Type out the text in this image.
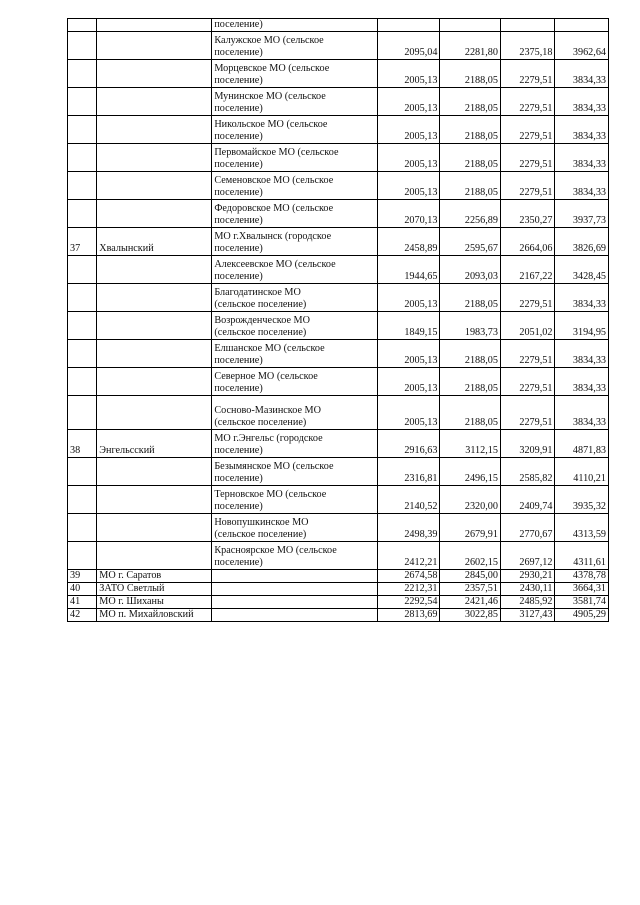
		поселение)				

		Калужское МО (сельское
поселение)	2095,04	2281,80	2375,18	3962,64

		Морцевское МО (сельское
поселение)	2005,13	2188,05	2279,51	3834,33

		Мунинское МО (сельское
поселение)	2005,13	2188,05	2279,51	3834,33

		Никольское МО (сельское
поселение)	2005,13	2188,05	2279,51	3834,33

		Первомайское МО (сельское
поселение)	2005,13	2188,05	2279,51	3834,33

		Семеновское МО (сельское
поселение)	2005,13	2188,05	2279,51	3834,33

		Федоровское МО (сельское
поселение)	2070,13	2256,89	2350,27	3937,73
37	Хвалынский	МО г.Хвалынск (городское
поселение)	2458,89	2595,67	2664,06	3826,69

		Алексеевское МО (сельское
поселение)	1944,65	2093,03	2167,22	3428,45

		Благодатинское МО
(сельское поселение)	2005,13	2188,05	2279,51	3834,33

		Возрожденческое МО
(сельское поселение)	1849,15	1983,73	2051,02	3194,95

		Елшанское МО (сельское
поселение)	2005,13	2188,05	2279,51	3834,33

		Северное МО (сельское
поселение)	2005,13	2188,05	2279,51	3834,33

		Сосново-Мазинское МО
(сельское поселение)	2005,13	2188,05	2279,51	3834,33
38	Энгельсский	МО г.Энгельс (городское
поселение)	2916,63	3112,15	3209,91	4871,83

		Безымянское МО (сельское
поселение)	2316,81	2496,15	2585,82	4110,21

		Терновское МО (сельское
поселение)	2140,52	2320,00	2409,74	3935,32

		Новопушкинское МО
(сельское поселение)	2498,39	2679,91	2770,67	4313,59

		Краснoярское МО (сельское
поселение)	2412,21	2602,15	2697,12	4311,61
39	МО г. Саратов		2674,58	2845,00	2930,21	4378,78
40	ЗАТО Светлый		2212,31	2357,51	2430,11	3664,31
41	МО г. Шиханы		2292,54	2421,46	2485,92	3581,74
42	МО п. Михайловский		2813,69	3022,85	3127,43	4905,29
